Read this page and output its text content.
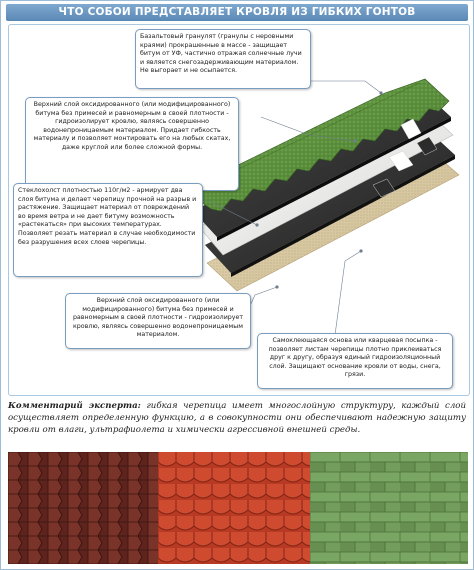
ЧТО СОБОИ ПРЕДСТАВЛЯЕТ КРОВЛЯ ИЗ ГИБКИХ ГОНТОВ
Базальтовый гранулят (гранулы с неровными краями) прокрашенные в массе - защищает битум от УФ, частично отражая солнечные лучи и является снегозадерживающим материалом. Не выгорает и не осыпается.
Верхний слой оксидированного (или модифицированного) битума без примесей и равномерным в своей плотности - гидроизолирует кровлю, являясь совершенно водонепроницаемым материалом. Придает гибкость материалу и позволяет монтировать его на любых скатах, даже круглой или более сложной формы.
Стеклохолст плотностью 110г/м2 - армирует два слоя битума и делает черепицу прочной на разрыв и растяжение. Защищает материал от повреждений во время ветра и не дает битуму возможность «растекаться» при высоких температурах. Позволяет резать материал в случае необходимости без разрушения всех слоев черепицы.
Верхний слой оксидированного (или модифицированного) битума без примесей и равномерным в своей плотности - гидроизолирует кровлю, являясь совершенно водонепроницаемым материалом.
Самоклеющаяся основа или кварцевая посыпка - позволяет листам черепицы плотно приклеиваться друг к другу, образуя единый гидроизоляционный слой. Защищают основание кровли от воды, снега, грязи.
Комментарий эксперта: гибкая черепица имеет многослойную структуру, каждый слой осуществляет определенную функцию, а в совокупности они обеспечивают надежную защиту кровли от влаги, ультрафиолета и химически агрессивной внешней среды.
